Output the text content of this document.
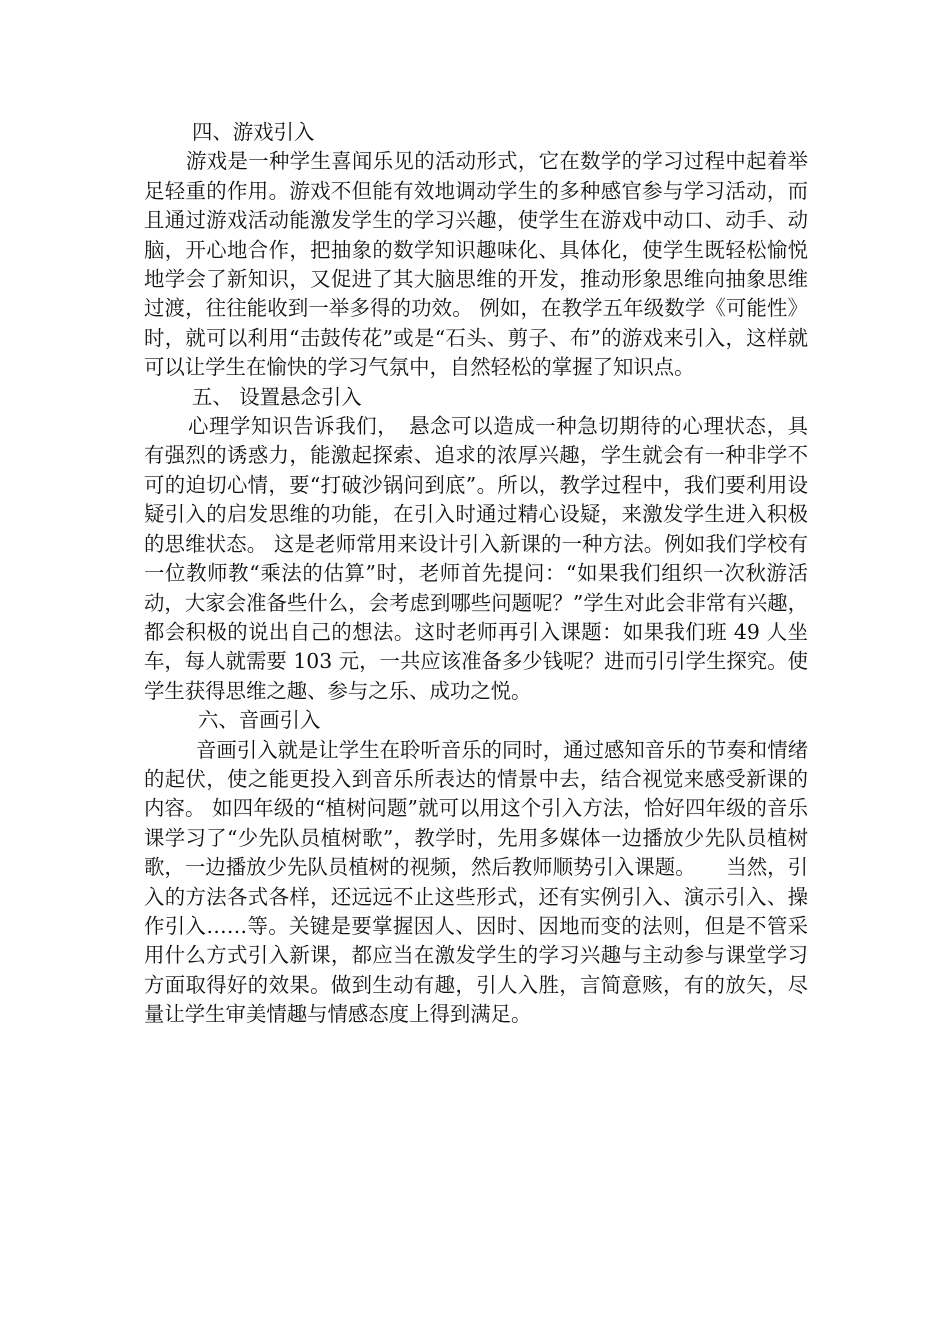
四、游戏引入

游戏是一种学生喜闻乐见的活动形式，它在数学的学习过程中起着举足轻重的作用。游戏不但能有效地调动学生的多种感官参与学习活动，而且通过游戏活动能激发学生的学习兴趣，使学生在游戏中动口、动手、动脑，开心地合作，把抽象的数学知识趣味化、具体化，使学生既轻松愉悦地学会了新知识，又促进了其大脑思维的开发，推动形象思维向抽象思维过渡，往往能收到一举多得的功效。 例如，在教学五年级数学《可能性》时，就可以利用“击鼓传花”或是“石头、剪子、布”的游戏来引入，这样就可以让学生在愉快的学习气氛中，自然轻松的掌握了知识点。

五、 设置悬念引入

心理学知识告诉我们，　悬念可以造成一种急切期待的心理状态，具有强烈的诱惑力，能激起探索、追求的浓厚兴趣，学生就会有一种非学不可的迫切心情，要“打破沙锅问到底”。所以，教学过程中，我们要利用设疑引入的启发思维的功能，在引入时通过精心设疑，来激发学生进入积极的思维状态。 这是老师常用来设计引入新课的一种方法。例如我们学校有一位教师教“乘法的估算”时，老师首先提问：“如果我们组织一次秋游活动，大家会准备些什么，会考虑到哪些问题呢？”学生对此会非常有兴趣，都会积极的说出自己的想法。这时老师再引入课题：如果我们班 49 人坐车，每人就需要 103 元，一共应该准备多少钱呢？进而引引学生探究。使学生获得思维之趣、参与之乐、成功之悦。

六、音画引入

音画引入就是让学生在聆听音乐的同时，通过感知音乐的节奏和情绪的起伏，使之能更投入到音乐所表达的情景中去，结合视觉来感受新课的内容。 如四年级的“植树问题”就可以用这个引入方法，恰好四年级的音乐课学习了“少先队员植树歌”，教学时，先用多媒体一边播放少先队员植树歌，一边播放少先队员植树的视频，然后教师顺势引入课题。　　当然，引入的方法各式各样，还远远不止这些形式，还有实例引入、演示引入、操作引入……等。关键是要掌握因人、因时、因地而变的法则，但是不管采用什么方式引入新课，都应当在激发学生的学习兴趣与主动参与课堂学习方面取得好的效果。做到生动有趣，引人入胜，言简意赅，有的放矢，尽量让学生审美情趣与情感态度上得到满足。
